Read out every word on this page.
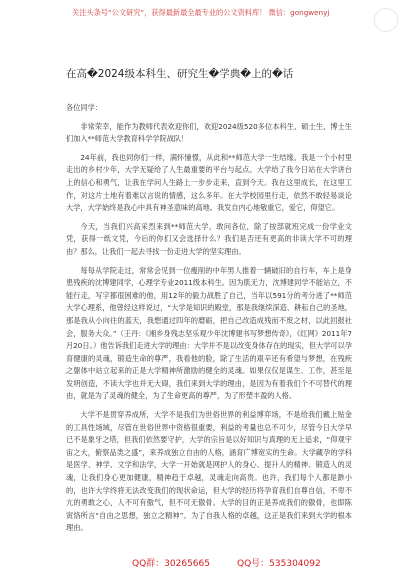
关注头条号“公文研究”，获得最新最全最专业的公文资料库！ 微信：gongwenyj
在高�2024级本科生、研究生�学典�上的�话

各位同学：

非常荣幸，能作为教师代表欢迎你们，欢迎2024级520多位本科生、硕士生、博士生们加入**师范大学教育科学学院战队！

24年前，我也同你们一样，满怀憧憬，从此和**师范大学一生结缘。我是一个小村里走出的乡村少年，大学无疑给了人生最重要的平台与起点。大学给了我今日站在大学讲台上的信心和勇气，让我在学问人生路上一步步走来，直到今天。我在这里成长，在这里工作，对这片土地有着难以言说的情感，这么多年。在大学校园里行走，依然不敢轻易谈论大学，大学始终是我心中具有神圣意味的高地。我发自内心地敬重它，爱它，仰望它。

今天，当我们兴高采烈来到**师范大学，敢问各位，除了按部就班完成一份学业文凭，获得一纸文凭，今后的你们又会选择什么？我们是否还有更高的非读大学不可的理由？那么，让我们一起去寻找一份走进大学的坚实理由。

每每从学院走过，常常会见到一位瘦削的中年男人推着一辆破旧的自行车，车上是身患残疾的沈博建同学，心理学专业2011级本科生。因为肌无力，沈博建同学不能站立，不能行走，写字都很困难的他，用12年的毅力战胜了自己，当年以591分的考分进了**师范大学心理系，他曾经这样说过，“大学是知识的殿堂，那是我继续深造、耕耘自己的圣地，那是我从小向往的蓝天，我想通过四年的磨砺，把自己改造成残而不废之材，以此回报社会，服务大众。”（王丹：《湘乡身残志坚乐观少年沈博建书写梦想传奇》，《红网》2011年7月20日。）他告诉我们走进大学的理由：大学并不是以改变身体存在的现实，但大学可以孕育健康的灵魂，锻造生命的尊严，我看他的脸，除了生活的艰辛还有希望与梦想，在残疾之躯体中站立起来的正是大学精神所激励的健全的灵魂。如果仅仅是谋生、工作，甚至是发明创造，不读大学也并无大碍，我们来到大学的理由，是因为有着我们个不可替代的理由，就是为了灵魂的健全，为了生命更高的尊严，为了形塑丰盈的人格。

大学不是贯穿养成所，大学不是我们为世俗世界的利益博弈场，不是给我们戴上贴金的工具性场域，尽管在世俗世界中资格很重要，利益的考量也总不可少，尽管今日大学早已不是象牙之塔，但我们依然要守护，大学的宗旨是以好知识与真理的无上追求，“仰观宇宙之大，俯察品类之盛”，来养成独立自由的人格，涵育广博宽实的生命。大学藏孕的学科是医学、神学、文学和法学，大学一开始就是网护人的身心、提升人的精神、锻造人的灵魂，让我们身心更加健康，精神趋于卓越，灵魂走向高贵。也许，我们每个人都是渺小的，也许大学终将无法改变我们的现状命运，但大学的经历将孕育我们自尊自信，不卑不亢的勇敢之心，人不可有傲气，但不可无傲骨。大学的目的正是养成我们的傲骨，也即陈寅恪所言“自由之思想，独立之精神”。为了自我人格的卓越，这正是我们来到大学的根本理由。

QQ群：30265665	QQ号：535304092
